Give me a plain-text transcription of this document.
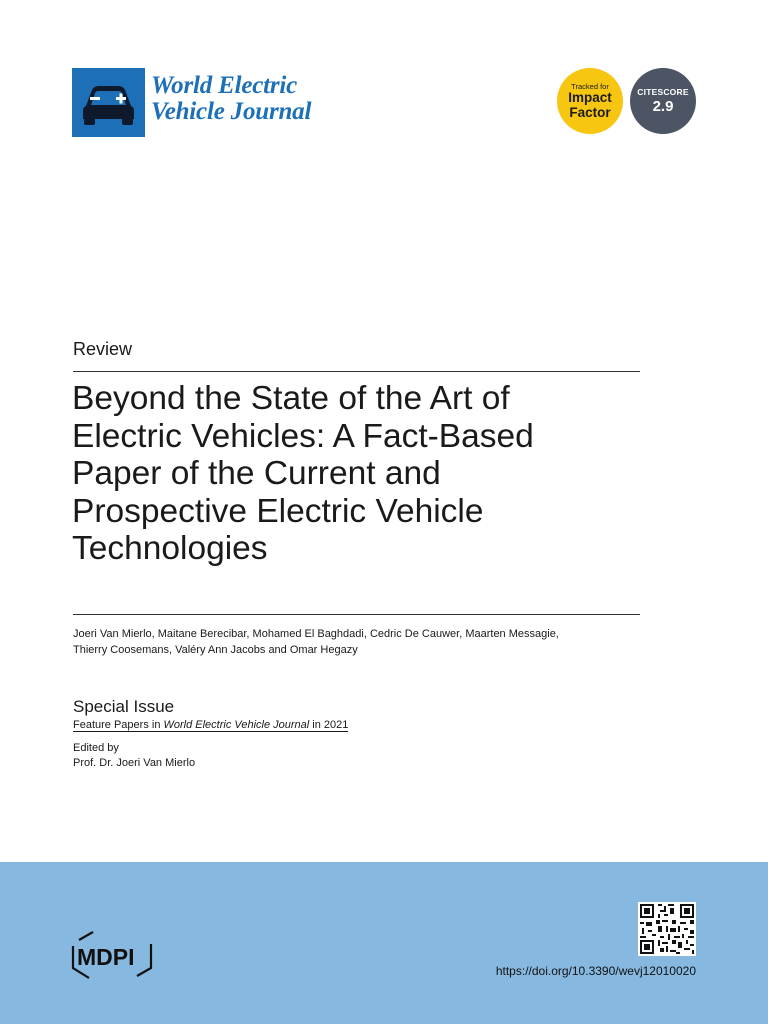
World Electric
Vehicle Journal
Tracked for
Impact
Factor
CITESCORE
2.9
Review
Beyond the State of the Art of
Electric Vehicles: A Fact-Based
Paper of the Current and
Prospective Electric Vehicle
Technologies
Joeri Van Mierlo, Maitane Berecibar, Mohamed El Baghdadi, Cedric De Cauwer, Maarten Messagie,
Thierry Coosemans, Valéry Ann Jacobs and Omar Hegazy
Special Issue
Feature Papers in World Electric Vehicle Journal in 2021
Edited by
Prof. Dr. Joeri Van Mierlo
MDPI
https://doi.org/10.3390/wevj12010020
